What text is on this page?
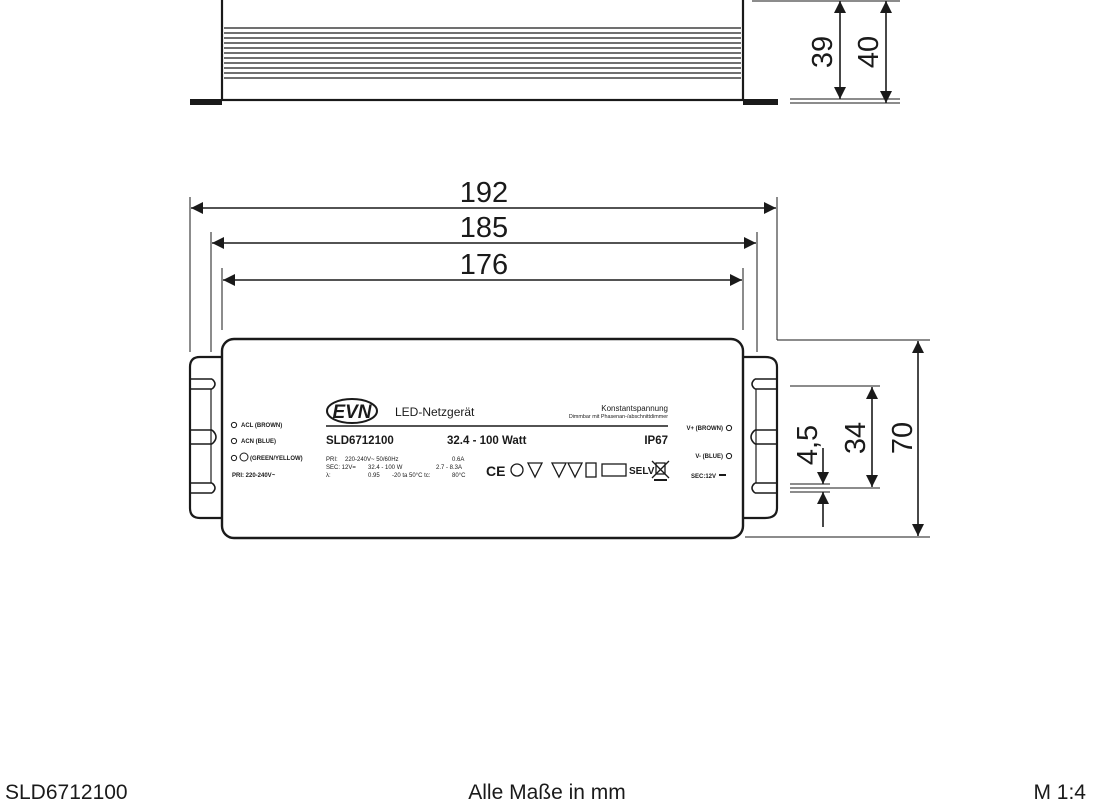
39 40
192
185
176
70
34
4,5
EVN LED-Netzgerät	Konstantspannung
Dimmbar mit Phasenan-/abschnittdimmer
SLD6712100	32.4 - 100 Watt	IP67
PRI: 220-240V~ 50/60Hz	0.6A
SEC: 12V= 32.4 - 100 W	2.7 - 8.3A
λ:	0.95 -20 ta 50°C tc:	80°C CE	SELV
ACL (BROWN)
ACN (BLUE)
(GREEN/YELLOW)
PRI: 220-240V~
V+ (BROWN)
V- (BLUE)
SEC:12V
SLD6712100	Alle Maße in mm	M 1:4
